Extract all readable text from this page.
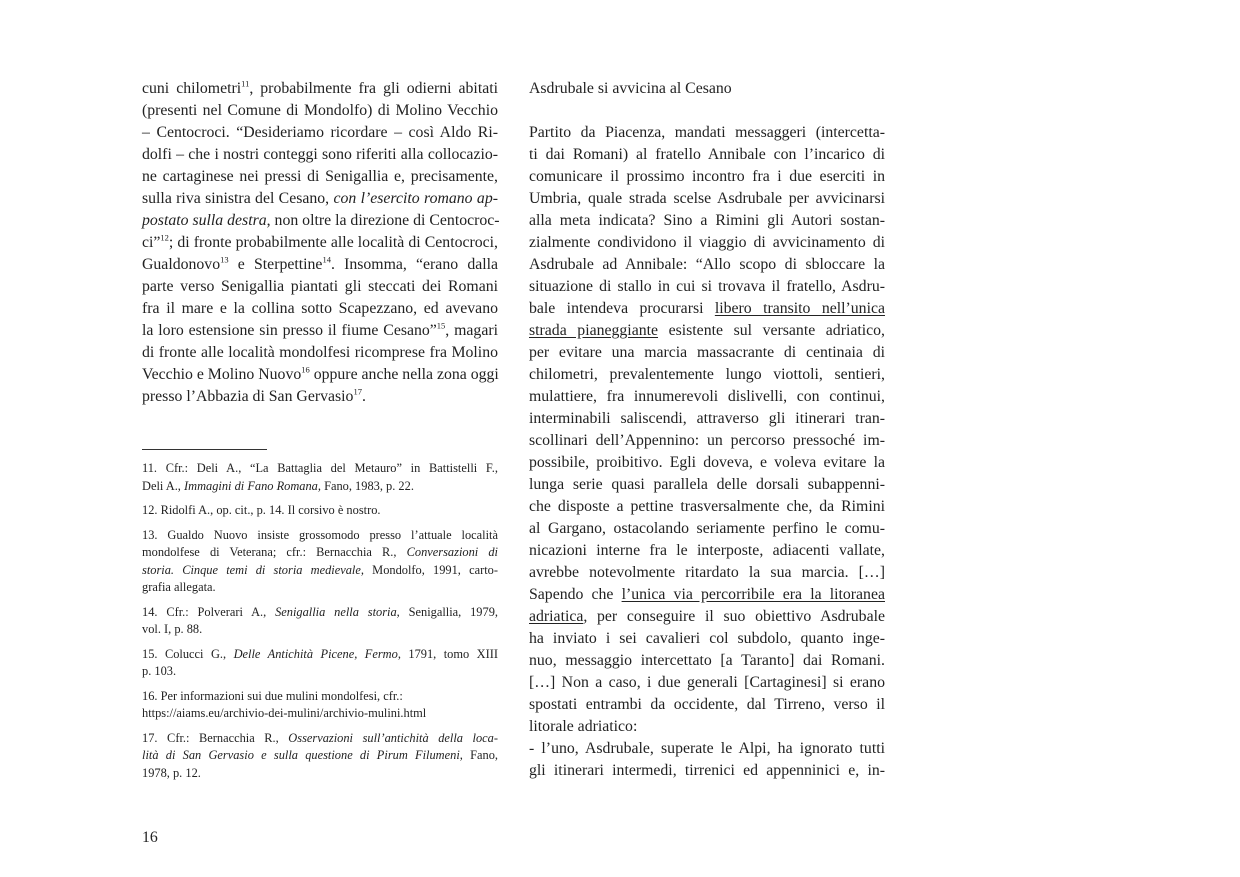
cuni chilometri$^{11}$, probabilmente fra gli odierni abitati
(presenti nel Comune di Mondolfo) di Molino Vecchio
– Centocroci. “Desideriamo ricordare – così Aldo Ri-
dolfi – che i nostri conteggi sono riferiti alla collocazio-
ne cartaginese nei pressi di Senigallia e, precisamente,
sulla riva sinistra del Cesano, con l’esercito romano ap-
postato sulla destra, non oltre la direzione di Centocroc-
ci”$^{12}$; di fronte probabilmente alle località di Centocroci,
Gualdonovo$^{13}$ e Sterpettine$^{14}$. Insomma, “erano dalla
parte verso Senigallia piantati gli steccati dei Romani
fra il mare e la collina sotto Scapezzano, ed avevano
la loro estensione sin presso il fiume Cesano”$^{15}$, magari
di fronte alle località mondolfesi ricomprese fra Molino
Vecchio e Molino Nuovo$^{16}$ oppure anche nella zona oggi
presso l’Abbazia di San Gervasio$^{17}$.
11. Cfr.: Deli A., “La Battaglia del Metauro” in Battistelli F.,
Deli A., Immagini di Fano Romana, Fano, 1983, p. 22.
12. Ridolfi A., op. cit., p. 14. Il corsivo è nostro.
13. Gualdo Nuovo insiste grossomodo presso l’attuale località
mondolfese di Veterana; cfr.: Bernacchia R., Conversazioni di
storia. Cinque temi di storia medievale, Mondolfo, 1991, carto-
grafia allegata.
14. Cfr.: Polverari A., Senigallia nella storia, Senigallia, 1979,
vol. I, p. 88.
15. Colucci G., Delle Antichità Picene, Fermo, 1791, tomo XIII
p. 103.
16. Per informazioni sui due mulini mondolfesi, cfr.:
https://aiams.eu/archivio-dei-mulini/archivio-mulini.html
17. Cfr.: Bernacchia R., Osservazioni sull’antichità della loca-
lità di San Gervasio e sulla questione di Pirum Filumeni, Fano,
1978, p. 12.
Asdrubale si avvicina al Cesano
Partito da Piacenza, mandati messaggeri (intercetta-
ti dai Romani) al fratello Annibale con l’incarico di
comunicare il prossimo incontro fra i due eserciti in
Umbria, quale strada scelse Asdrubale per avvicinarsi
alla meta indicata? Sino a Rimini gli Autori sostan-
zialmente condividono il viaggio di avvicinamento di
Asdrubale ad Annibale: “Allo scopo di sbloccare la
situazione di stallo in cui si trovava il fratello, Asdru-
bale intendeva procurarsi libero transito nell’unica
strada pianeggiante esistente sul versante adriatico,
per evitare una marcia massacrante di centinaia di
chilometri, prevalentemente lungo viottoli, sentieri,
mulattiere, fra innumerevoli dislivelli, con continui,
interminabili saliscendi, attraverso gli itinerari tran-
scollinari dell’Appennino: un percorso pressoché im-
possibile, proibitivo. Egli doveva, e voleva evitare la
lunga serie quasi parallela delle dorsali subappenni-
che disposte a pettine trasversalmente che, da Rimini
al Gargano, ostacolando seriamente perfino le comu-
nicazioni interne fra le interposte, adiacenti vallate,
avrebbe notevolmente ritardato la sua marcia. […]
Sapendo che l’unica via percorribile era la litoranea
adriatica, per conseguire il suo obiettivo Asdrubale
ha inviato i sei cavalieri col subdolo, quanto inge-
nuo, messaggio intercettato [a Taranto] dai Romani.
[…] Non a caso, i due generali [Cartaginesi] si erano
spostati entrambi da occidente, dal Tirreno, verso il
litorale adriatico:
- l’uno, Asdrubale, superate le Alpi, ha ignorato tutti
gli itinerari intermedi, tirrenici ed appenninici e, in-
16
